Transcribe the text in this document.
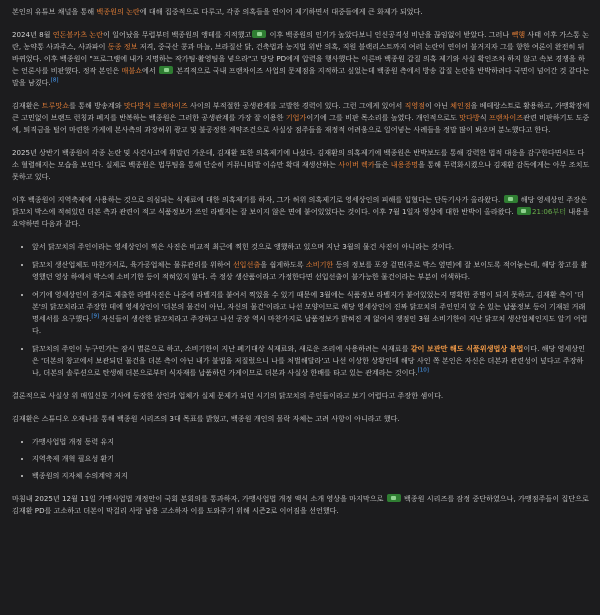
본인의 유튜브 채널을 통해 백종원의 논란에 대해 집중적으로 다루고, 각종 의혹들을 연이어 제기하면서 대중들에게 큰 화제가 되었다.

2024년 8월 연돈볼카츠 논란이 일어났을 무렵부터 백종원의 앵테를 지적했고 이후 백종원의 인기가 높았다보니 인신공격성 비난을 끊임없이 받았다. 그러나 빽햄 사태 이후 가스통 논란, 농약통 사과주스, 사과파이 동종 정보 저격, 중국산 콩과 마늘, 브라질산 닭, 건축법과 농지법 위반 의혹, 직원 블랙리스트까지 여러 논란이 연이어 불거지자 그를 향한 여론이 완전히 뒤바뀌었다. 이후 백종원이 "프로그램에 내가 지명하는 작가팀·촬영팀을 넣으라"고 당당 PD에게 압력을 행사했다는 이른바 백종원 갑질 의혹 제기와 사실 확인조차 하지 않고 속보 경쟁을 하는 언론사를 비판했다. 정작 본인은 매불쇼에서  본격적으로 국내 프랜차이즈 사업의 문제점을 지적하고 싶었는데 백종원 측에서 방송 갑질 논란을 반박하려다 국면이 넘어간 것 같다는 말을 남겼다.[8]

김재환은 트루맛쇼를 통해 방송계와 맛다방식 프랜차이즈 사이의 부적절한 공생관계를 고발한 경력이 있다. 그런 그에게 있어서 직영점이 아닌 체인점을 베테랑스트로 활용하고, 가맹확장에 큰 고민없이 브랜드 런칭과 폐지를 반복하는 백종원은 그러한 공생관계를 가장 잘 이용한 기업가이기에 그를 비판 목소리를 높였다. 개인적으로도 맛다방식 프랜차이즈관련 비판하기도 도중에, 퇴직금을 털어 마련한 가게에 본사측의 과장허위 광고 및 불공정한 계약조건으로 사실상 점주들을 재정적 어려움으로 일어넣는 사례들을 정말 많이 봐오며 분노했다고 한다.

2025년 상반기 백종원이 각종 논란 및 사건사고에 휘말린 가운데, 김재환 또한 의혹제기에 나섰다. 김재환의 의혹제기에 백종원은 반박보도를 통해 강력한 법적 대응을 감구한다면서도 다소 혈렬해지는 모습을 보인다. 실제로 백종원은 법무팀을 통해 단순히 커뮤니티발 이슈만 확대 재생산하는 사이버 렉카들은 내용증명을 통해 무력화시켰으나 김재환 감독에게는 아무 조치도 못하고 있다.

이후 백종원이 지역축제에 사용하는 것으로 의심되는 식재료에 대한 의혹제기를 하자, 그가 허위 의혹제기로 영세상인의 피해를 입혔다는 단독기사가 올라왔다.  해당 영세상인 주장은 닭꼬치 박스에 적혀있던 더본 측과 관련이 적고 식품정보가 쓰인 라벨지는 잘 보이지 않은 면에 붙어있었다는 것이다. 이후 7월 1일자 영상에 대한 반박이 올라왔다. 21:06부터 내용을 요약하면 다음과 같다.

• 앞서 닭꼬치의 주인이라는 영세상인이 찍은 사진은 비교적 최근에 찍힌 것으로 앵했하고 있으며 지난 3월의 물건 사진이 아니라는 것이다.
• 닭꼬치 생산업체도 마찬가지로, 육가공업체는 물류관리를 위하여 선입선출을 쉽게하도록 소비기한 등의 정보를 포장 겉면(주로 박스 옆면)에 잘 보이도록 적어놓는데, 해당 창고를 촬영했던 영상 하에서 박스에 소비기한 등이 적혀있지 않다. 즉 정상 생산품이라고 가정한다면 선입선출이 불가능한 물건이라는 부분이 어색하다.
• 여기에 영세상인이 증거로 제출한 라벨사진은 나중에 라벨지를 붙여서 찍었을 수 있기 때문에 3월에는 식품정보 라벨지가 붙어있었는지 명확한 증명이 되지 못하고, 김재환 측이 '더본'의 닭꼬치라고 주장한 데에 영세상인이 '더본의 물건이 아닌, 자신의 물건'이라고 나선 모양이므로 해당 영세상인이 진짜 닭꼬치의 주인인지 알 수 있는 납품정보 등이 기재된 거래명세서를 요구했다.[9] 자신들이 생산한 닭꼬치라고 주장하고 나선 공장 역시 마찬가지로 납품정보가 밝혀진 게 없어서 쟁점인 3월 소비기한이 지난 닭꼬치 생산업체인지도 알기 어렵다.
• 닭꼬치의 주인이 누구인가는 잠시 별론으로 하고, 소비기한이 지난 폐기대상 식재료와, 새로운 조리에 사용하려는 식재료를 같이 보관만 해도 식품위생법상 불법이다. 해당 영세상인은 '더본의 창고에서 보관되던 물건을 더본 측이 아닌 내가 불법을 저질렀으니 나를 처벌해달라'고 나선 이상한 상황인데 해당 사인 쪽 본인은 자신은 더본과 관련성이 넢다고 주장하나, 더본의 솔루션으로 탄생해 더본으로부터 식자재를 납품하던 가게이므로 더본과 사실상 한배를 타고 있는 관계라는 것이다.[10]

결론적으로 사실상 위 매일신문 기사에 등장한 상인과 업체가 실제 문제가 되던 시기의 닭꼬치의 주인들이라고 보기 어렵다고 주장한 셈이다.

김재환은 스튜디오 오재나를 통해 백종원 시리즈의 3대 목표를 밝혔고, 백종원 개인의 몰락 자체는 고려 사항이 아니라고 했다.

• 가맹사업법 개정 동력 유지
• 지역축제 개혁 필요성 환기
• 백종원의 지자체 수의계약 저지

마침내 2025년 12월 11일 가맹사업법 개정안이 국회 본회의를 통과하자, 가맹사업법 개정 액식 소개 영상을 마지막으로  백종원 시리즈를 잠정 중단하였으나, 가맹점주들이 집단으로 김재환 PD를 고소하고 더본이 막걸리 사랑 남용 고소하자 이를 도와주기 위해 시즌2로 이어짐을 선언했다.
